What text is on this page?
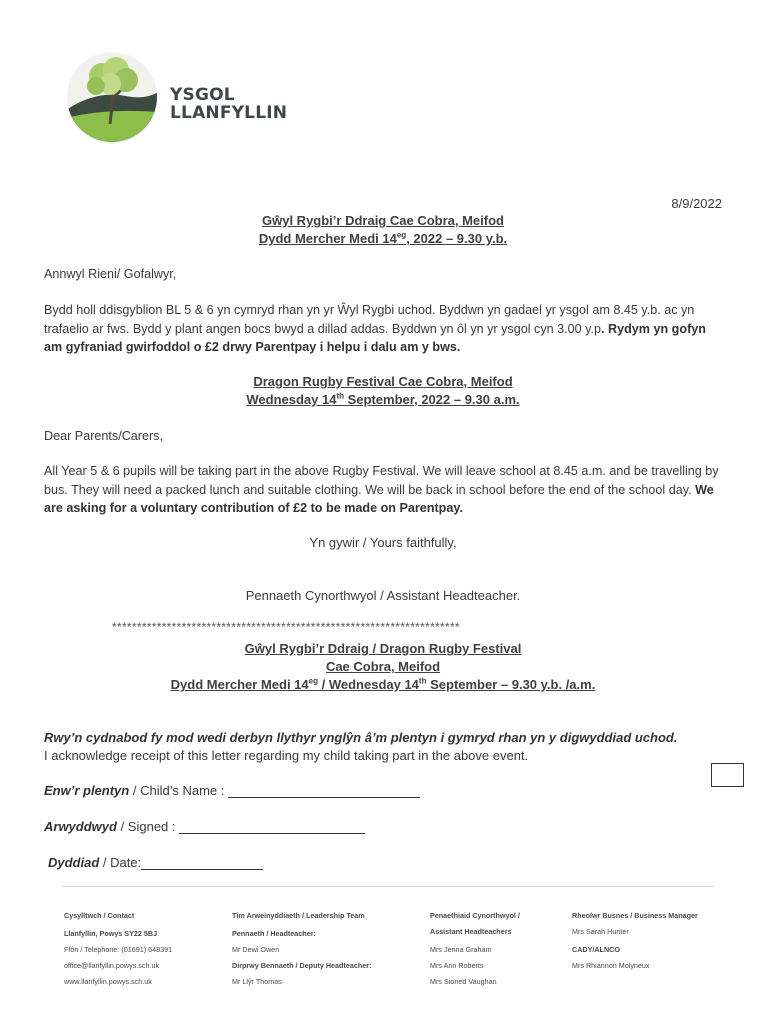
YSGOL
LLANFYLLIN
8/9/2022
Gŵyl Rygbi’r Ddraig Cae Cobra, Meifod
Dydd Mercher Medi $14^{eg}$, 2022 – 9.30 y.b.
Annwyl Rieni/ Gofalwyr,
Bydd holl ddisgyblion BL 5 & 6 yn cymryd rhan yn yr Ŵyl Rygbi uchod. Byddwn yn gadael yr ysgol am 8.45 y.b. ac yn trafaelio ar fws. Bydd y plant angen bocs bwyd a dillad addas. Byddwn yn ôl yn yr ysgol cyn 3.00 y.p. Rydym yn gofyn am gyfraniad gwirfoddol o £2 drwy Parentpay i helpu i dalu am y bws.
Dragon Rugby Festival Cae Cobra, Meifod
Wednesday 14th September, 2022 – 9.30 a.m.
Dear Parents/Carers,
All Year 5 & 6 pupils will be taking part in the above Rugby Festival. We will leave school at 8.45 a.m. and be travelling by bus. They will need a packed lunch and suitable clothing. We will be back in school before the end of the school day. We are asking for a voluntary contribution of £2 to be made on Parentpay.
Yn gywir / Yours faithfully,
Pennaeth Cynorthwyol / Assistant Headteacher.
**********************************************************************
Gŵyl Rygbi’r Ddraig / Dragon Rugby Festival
Cae Cobra, Meifod
Dydd Mercher Medi $14^{eg}$ / Wednesday 14th September – 9.30 y.b. /a.m.
Rwy’n cydnabod fy mod wedi derbyn llythyr ynglŷn â’m plentyn i gymryd rhan yn y digwyddiad uchod.
I acknowledge receipt of this letter regarding my child taking part in the above event.
Enw’r plentyn / Child’s Name :
Arwyddwyd / Signed :
Dyddiad / Date:

Cysylltwch / Contact

Llanfyllin, Powys SY22 5BJ

Ffôn / Telephone: (01691) 648391

office@llanfyllin.powys.sch.uk

www.llanfyllin.powys.sch.uk

Tîm Arweinyddiaeth / Leadership Team

Pennaeth / Headteacher:

Mr Dewi Owen

Dirprwy Bennaeth / Deputy Headteacher:

Mr Llŷr Thomas

Penaethiaid Cynorthwyol /

Assistant Headteachers

Mrs Jenna Graham

Mrs Ann Roberts

Mrs Sioned Vaughan

Rheolwr Busnes / Business Manager

Mrs Sarah Hunter

CADY/ALNCO

Mrs Rhiannon Molyneux
